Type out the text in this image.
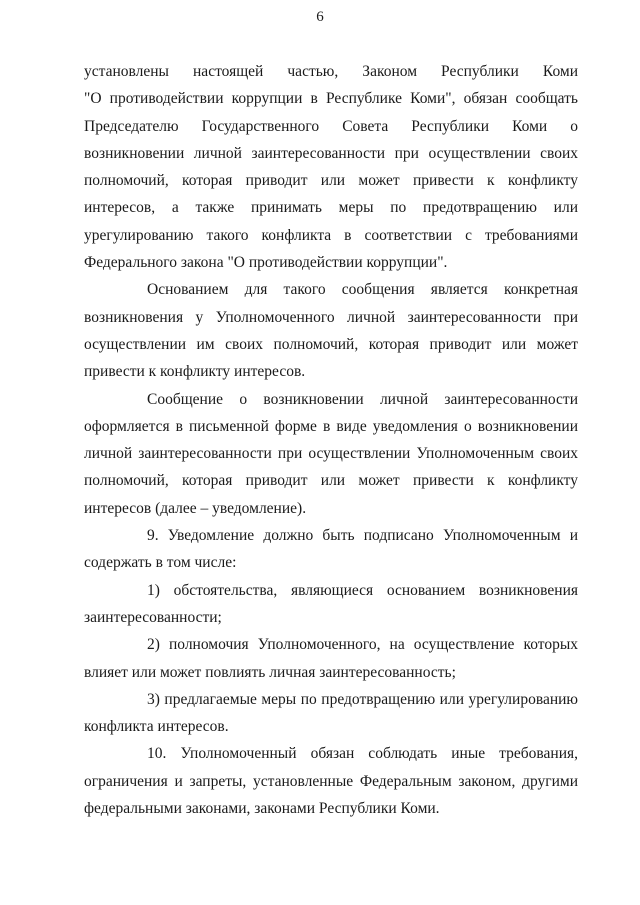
6
установлены настоящей частью, Законом Республики Коми
"О противодействии коррупции в Республике Коми", обязан сообщать
Председателю Государственного Совета Республики Коми о
возникновении личной заинтересованности при осуществлении своих
полномочий, которая приводит или может привести к конфликту
интересов, а также принимать меры по предотвращению или
урегулированию такого конфликта в соответствии с требованиями
Федерального закона "О противодействии коррупции".
Основанием для такого сообщения является конкретная
возникновения у Уполномоченного личной заинтересованности при
осуществлении им своих полномочий, которая приводит или может
привести к конфликту интересов.
Сообщение о возникновении личной заинтересованности
оформляется в письменной форме в виде уведомления о возникновении
личной заинтересованности при осуществлении Уполномоченным своих
полномочий, которая приводит или может привести к конфликту
интересов (далее – уведомление).
9. Уведомление должно быть подписано Уполномоченным и
содержать в том числе:
1) обстоятельства, являющиеся основанием возникновения
заинтересованности;
2) полномочия Уполномоченного, на осуществление которых
влияет или может повлиять личная заинтересованность;
3) предлагаемые меры по предотвращению или урегулированию
конфликта интересов.
10. Уполномоченный обязан соблюдать иные требования,
ограничения и запреты, установленные Федеральным законом, другими
федеральными законами, законами Республики Коми.
